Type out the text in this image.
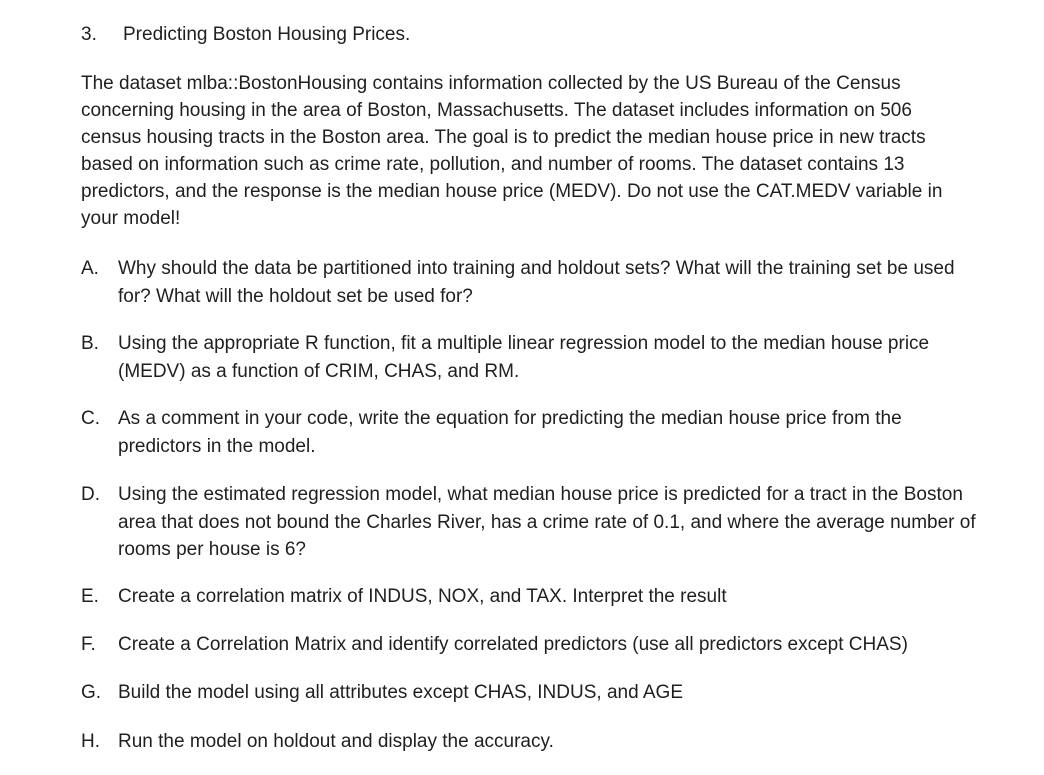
3. Predicting Boston Housing Prices.
The dataset mlba::BostonHousing contains information collected by the US Bureau of the Census
concerning housing in the area of Boston, Massachusetts. The dataset includes information on 506
census housing tracts in the Boston area. The goal is to predict the median house price in new tracts
based on information such as crime rate, pollution, and number of rooms. The dataset contains 13
predictors, and the response is the median house price (MEDV). Do not use the CAT.MEDV variable in
your model!
A.	Why should the data be partitioned into training and holdout sets? What will the training set be used
for? What will the holdout set be used for?
B.	Using the appropriate R function, fit a multiple linear regression model to the median house price
(MEDV) as a function of CRIM, CHAS, and RM.
C. As a comment in your code, write the equation for predicting the median house price from the
predictors in the model.
D. Using the estimated regression model, what median house price is predicted for a tract in the Boston
area that does not bound the Charles River, has a crime rate of 0.1, and where the average number of
rooms per house is 6?
E.	Create a correlation matrix of INDUS, NOX, and TAX. Interpret the result
F.	Create a Correlation Matrix and identify correlated predictors (use all predictors except CHAS)
G. Build the model using all attributes except CHAS, INDUS, and AGE
H. Run the model on holdout and display the accuracy.
